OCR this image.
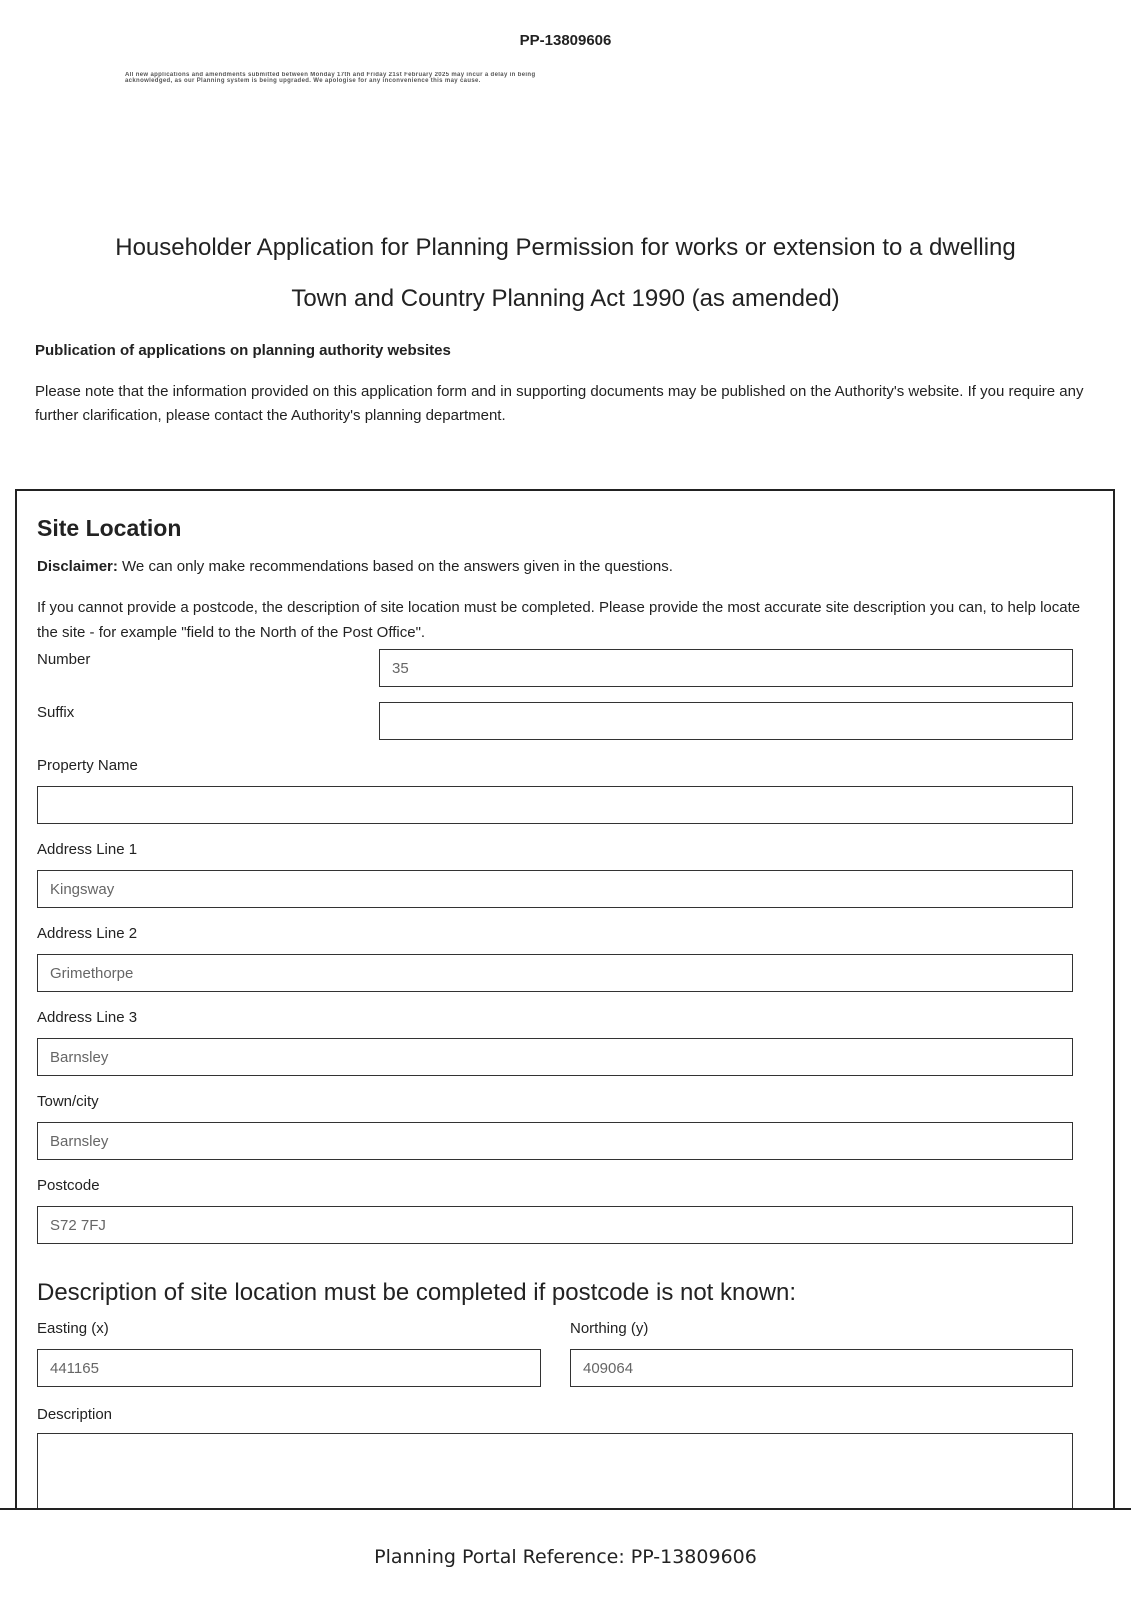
PP-13809606
All new applications and amendments submitted between Monday 17th and Friday 21st February 2025 may incur a delay in being
acknowledged, as our Planning system is being upgraded. We apologise for any inconvenience this may cause.
Householder Application for Planning Permission for works or extension to a dwelling
Town and Country Planning Act 1990 (as amended)
Publication of applications on planning authority websites
Please note that the information provided on this application form and in supporting documents may be published on the Authority's website. If you require any further clarification, please contact the Authority's planning department.
Site Location
Disclaimer: We can only make recommendations based on the answers given in the questions.
If you cannot provide a postcode, the description of site location must be completed. Please provide the most accurate site description you can, to help locate the site - for example "field to the North of the Post Office".
Number
35
Suffix
Property Name
Address Line 1
Kingsway
Address Line 2
Grimethorpe
Address Line 3
Barnsley
Town/city
Barnsley
Postcode
S72 7FJ
Description of site location must be completed if postcode is not known:
Easting (x)
441165
Northing (y)
409064
Description
Planning Portal Reference: PP-13809606
